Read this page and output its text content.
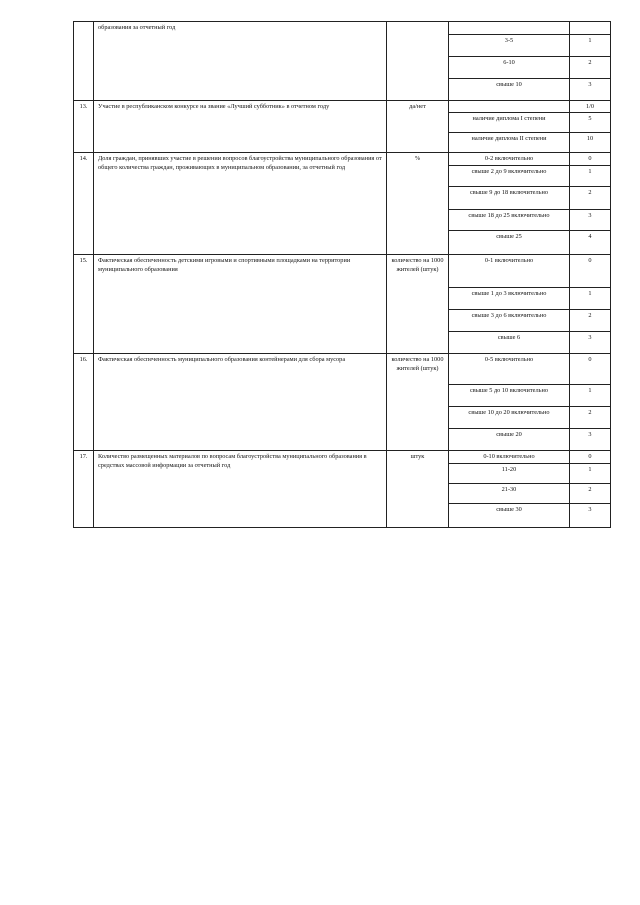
	образования за отчетный год		

			3-5	1

			6-10	2

			свыше 10	3

13.	Участие в республиканском конкурсе на звание «Лучший субботник» в отчетном году	да/нет		1/0

			наличие диплома I степени	5

			наличие диплома II степени	10

14.	Доля граждан, принявших участие в решении вопросов благоустройства муниципального образования от общего количества граждан, проживающих в муниципальном образовании, за отчетный год	%	0-2 включительно	0

			свыше 2 до 9 включительно	1

			свыше 9 до 18 включительно	2

			свыше 18 до 25 включительно	3

			свыше 25	4

15.	Фактическая обеспеченность детскими игровыми и спортивными площадками на территории муниципального образования	количество на 1000 жителей (штук)	0-1 включительно	0

			свыше 1 до 3 включительно	1

			свыше 3 до 6 включительно	2

			свыше 6	3

16.	Фактическая обеспеченность муниципального образования контейнерами для сбора мусора	количество на 1000 жителей (штук)	0-5 включительно	0

			свыше 5 до 10 включительно	1

			свыше 10 до 20 включительно	2

			свыше 20	3

17.	Количество размещенных материалов по вопросам благоустройства муниципального образования в средствах массовой информации за отчетный год	штук	0-10 включительно	0

			11-20	1

			21-30	2

			свыше 30	3
